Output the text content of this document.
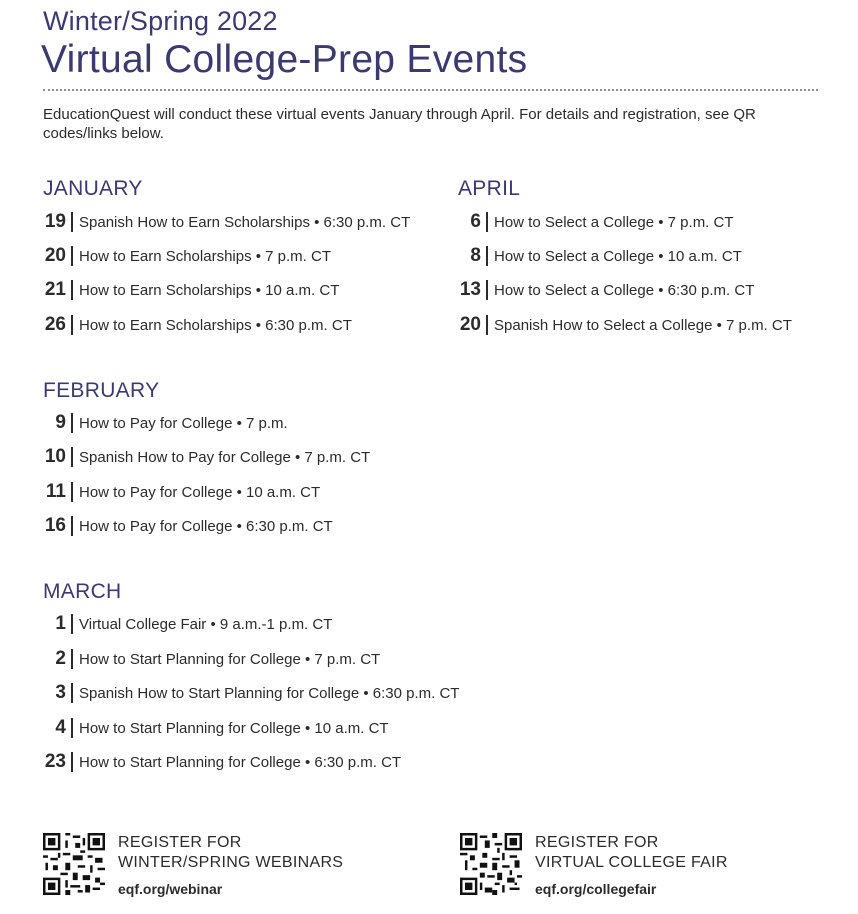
Winter/Spring 2022
Virtual College-Prep Events
EducationQuest will conduct these virtual events January through April. For details and registration, see QR codes/links below.
JANUARY
19 Spanish How to Earn Scholarships • 6:30 p.m. CT
20 How to Earn Scholarships • 7 p.m. CT
21 How to Earn Scholarships • 10 a.m. CT
26 How to Earn Scholarships • 6:30 p.m. CT
APRIL
6 How to Select a College • 7 p.m. CT
8 How to Select a College • 10 a.m. CT
13 How to Select a College • 6:30 p.m. CT
20 Spanish How to Select a College • 7 p.m. CT
FEBRUARY
9 How to Pay for College • 7 p.m.
10 Spanish How to Pay for College • 7 p.m. CT
11 How to Pay for College • 10 a.m. CT
16 How to Pay for College • 6:30 p.m. CT
MARCH
1 Virtual College Fair • 9 a.m.-1 p.m. CT
2 How to Start Planning for College • 7 p.m. CT
3 Spanish How to Start Planning for College • 6:30 p.m. CT
4 How to Start Planning for College • 10 a.m. CT
23 How to Start Planning for College • 6:30 p.m. CT
REGISTER FOR
WINTER/SPRING WEBINARS
eqf.org/webinar
REGISTER FOR
VIRTUAL COLLEGE FAIR
eqf.org/collegefair
